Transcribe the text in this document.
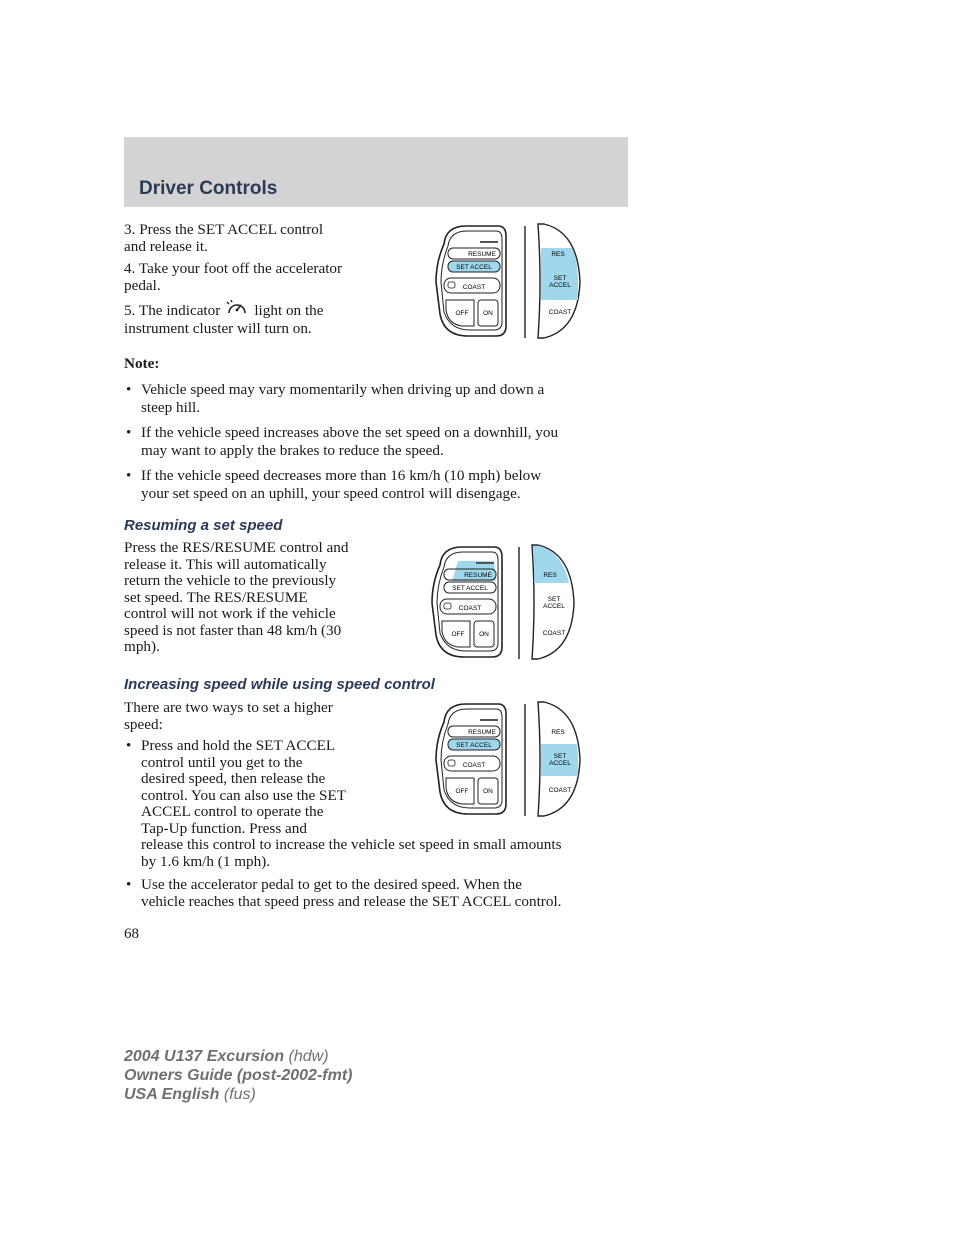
Driver Controls

3. Press the SET ACCEL control
and release it.

4. Take your foot off the accelerator
pedal.

5. The indicator light on the
instrument cluster will turn on.

RESUME
SET ACCEL
COAST
OFF ON
RES
SET
ACCEL
COAST
Note:
• Vehicle speed may vary momentarily when driving up and down a
steep hill.
• If the vehicle speed increases above the set speed on a downhill, you
may want to apply the brakes to reduce the speed.
• If the vehicle speed decreases more than 16 km/h (10 mph) below
your set speed on an uphill, your speed control will disengage.
Resuming a set speed

Press the RES/RESUME control and
release it. This will automatically
return the vehicle to the previously
set speed. The RES/RESUME
control will not work if the vehicle
speed is not faster than 48 km/h (30
mph).

RESUME
SET ACCEL
COAST
OFF ON
RES
SET
ACCEL
COAST
Increasing speed while using speed control

There are two ways to set a higher
speed:

• Press and hold the SET ACCEL
control until you get to the
desired speed, then release the
control. You can also use the SET
ACCEL control to operate the
Tap-Up function. Press and

release this control to increase the vehicle set speed in small amounts
by 1.6 km/h (1 mph).

• Use the accelerator pedal to get to the desired speed. When the
vehicle reaches that speed press and release the SET ACCEL control.
RESUME
SET ACCEL
COAST
OFF ON
RES
SET
ACCEL
COAST
68
2004 U137 Excursion (hdw)
Owners Guide (post-2002-fmt)
USA English (fus)
